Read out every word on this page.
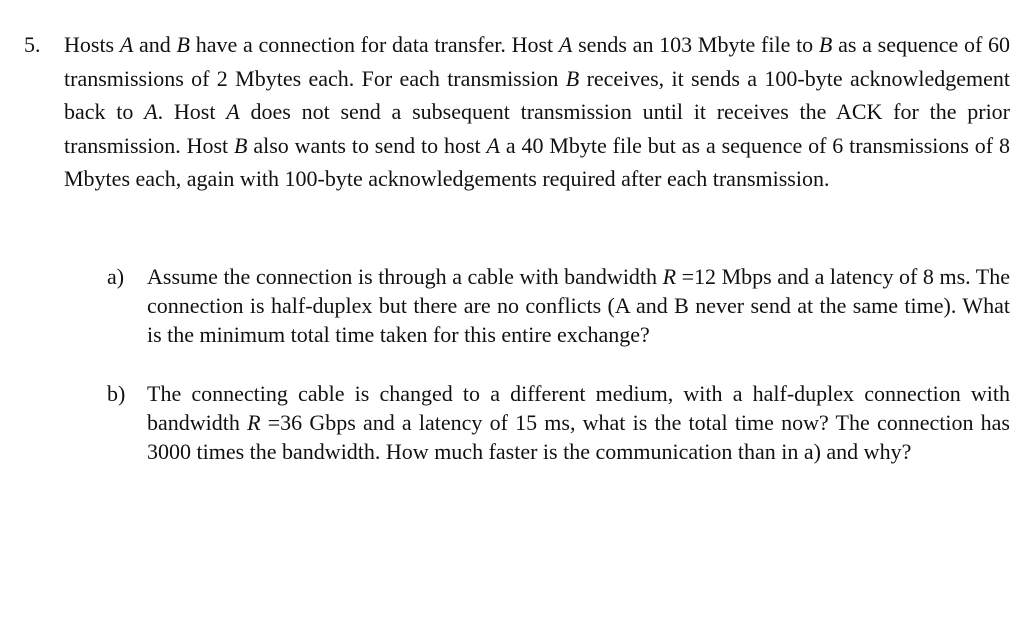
5. Hosts A and B have a connection for data transfer. Host A sends an 103 Mbyte file to B as a sequence of 60 transmissions of 2 Mbytes each. For each transmission B receives, it sends a 100-byte acknowledgement back to A. Host A does not send a subsequent transmission until it receives the ACK for the prior transmission. Host B also wants to send to host A a 40 Mbyte file but as a sequence of 6 transmissions of 8 Mbytes each, again with 100-byte acknowledgements required after each transmission.
a) Assume the connection is through a cable with bandwidth R =12 Mbps and a latency of 8 ms. The connection is half-duplex but there are no conflicts (A and B never send at the same time). What is the minimum total time taken for this entire exchange?
b) The connecting cable is changed to a different medium, with a half-duplex connection with bandwidth R =36 Gbps and a latency of 15 ms, what is the total time now? The connection has 3000 times the bandwidth. How much faster is the communication than in a) and why?
